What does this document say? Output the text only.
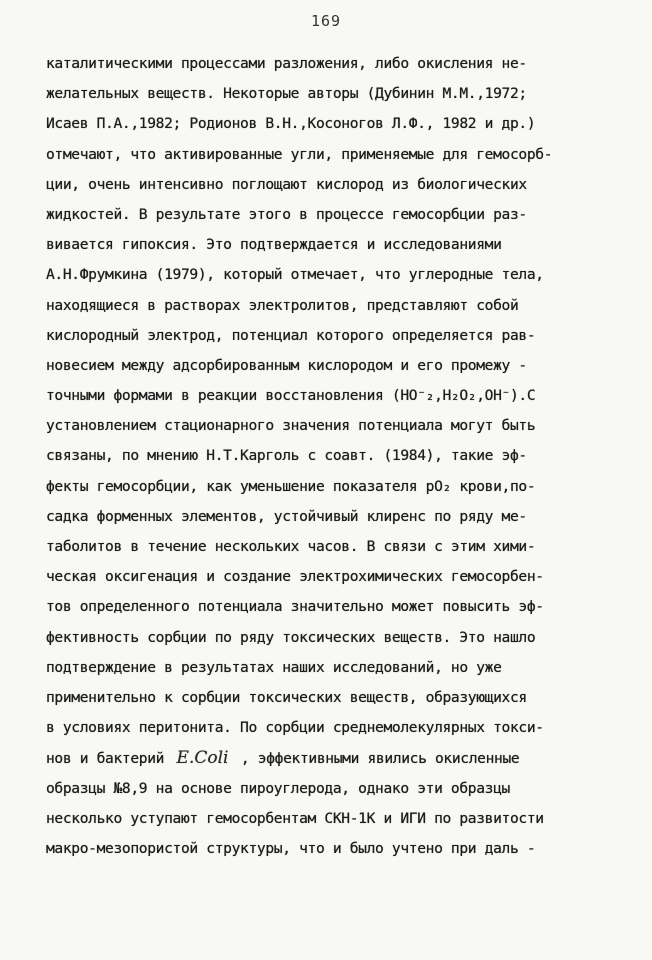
169
каталитическими процессами разложения, либо окисления не-
желательных веществ. Некоторые авторы (Дубинин М.М.,1972;
Исаев П.А.,1982; Родионов В.Н.,Косоногов Л.Ф., 1982 и др.)
отмечают, что активированные угли, применяемые для гемосорб-
ции, очень интенсивно поглощают кислород из биологических
жидкостей. В результате этого в процессе гемосорбции раз-
вивается гипоксия. Это подтверждается и исследованиями
А.Н.Фрумкина (1979), который отмечает, что углеродные тела,
находящиеся в растворах электролитов, представляют собой
кислородный электрод, потенциал которого определяется рав-
новесием между адсорбированным кислородом и его промежу -
точными формами в реакции восстановления (НО⁻₂,Н₂О₂,ОН⁻).С
установлением стационарного значения потенциала могут быть
связаны, по мнению Н.Т.Карголь с соавт. (1984), такие эф-
фекты гемосорбции, как уменьшение показателя pO₂ крови,по-
садка форменных элементов, устойчивый клиренс по ряду ме-
таболитов в течение нескольких часов. В связи с этим хими-
ческая оксигенация и создание электрохимических гемосорбен-
тов определенного потенциала значительно может повысить эф-
фективность сорбции по ряду токсических веществ. Это нашло
подтверждение в результатах наших исследований, но уже
применительно к сорбции токсических веществ, образующихся
в условиях перитонита. По сорбции среднемолекулярных токси-
нов и бактерий E.Coli , эффективными явились окисленные
образцы №8,9 на основе пироуглерода, однако эти образцы
несколько уступают гемосорбентам СКН-1К и ИГИ по развитости
макро-мезопористой структуры, что и было учтено при даль -
